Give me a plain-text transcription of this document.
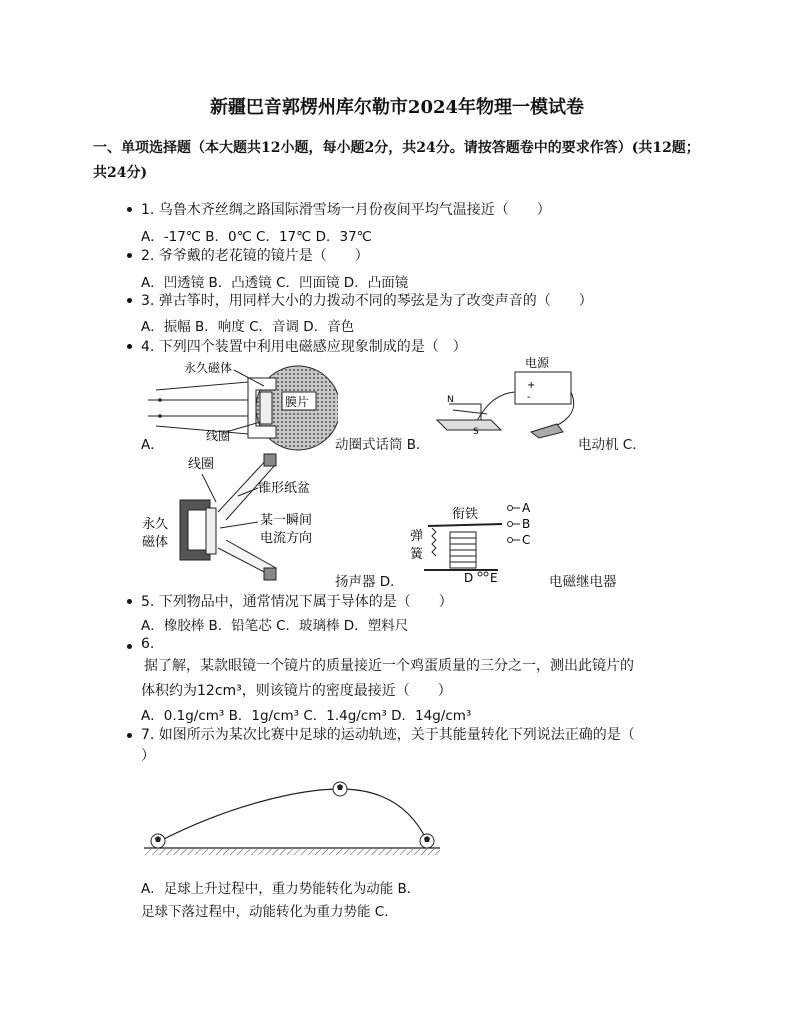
新疆巴音郭楞州库尔勒市2024年物理一模试卷
一、单项选择题（本大题共12小题，每小题2分，共24分。请按答题卷中的要求作答）(共12题；共24分)
1. 乌鲁木齐丝绸之路国际滑雪场一月份夜间平均气温接近（　　）
A．-17℃ B．0℃ C．17℃ D．37℃
2. 爷爷戴的老花镜的镜片是（　　）
A．凹透镜 B．凸透镜 C．凹面镜 D．凸面镜
3. 弹古筝时，用同样大小的力拨动不同的琴弦是为了改变声音的（　　）
A．振幅 B．响度 C．音调 D．音色
4. 下列四个装置中利用电磁感应现象制成的是（　）
膜片
永久磁体
线圈
A．
电源
+
-
N
S
动圈式话筒 B．	电动机 C．
线圈
锥形纸盆
某一瞬间
电流方向
永久
磁体
扬声器 D．
衔铁
弹
簧
A
B
C
D E	电磁继电器
5. 下列物品中，通常情况下属于导体的是（　　）
A．橡胶棒 B．铅笔芯 C．玻璃棒 D．塑料尺
6.
据了解，某款眼镜一个镜片的质量接近一个鸡蛋质量的三分之一，测出此镜片的
体积约为12cm³，则该镜片的密度最接近（　　）
A．0.1g/cm³ B．1g/cm³ C．1.4g/cm³ D．14g/cm³
7. 如图所示为某次比赛中足球的运动轨迹，关于其能量转化下列说法正确的是（
）
A．足球上升过程中，重力势能转化为动能 B．
足球下落过程中，动能转化为重力势能 C．
